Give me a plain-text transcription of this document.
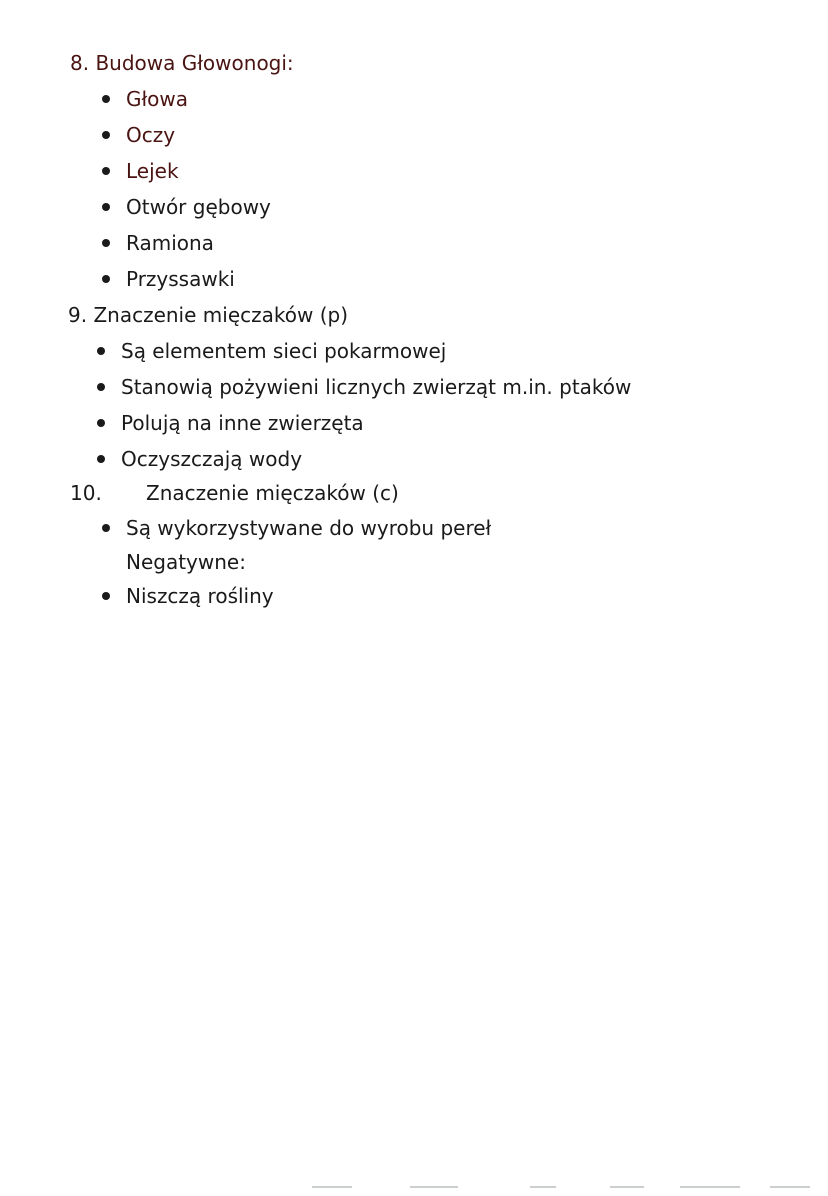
8. Budowa Głowonogi:
Głowa
Oczy
Lejek
Otwór gębowy
Ramiona
Przyssawki
9. Znaczenie mięczaków (p)
Są elementem sieci pokarmowej
Stanowią pożywieni licznych zwierząt m.in. ptaków
Polują na inne zwierzęta
Oczyszczają wody
10. Znaczenie mięczaków (c)
Są wykorzystywane do wyrobu pereł
Negatywne:
Niszczą rośliny
